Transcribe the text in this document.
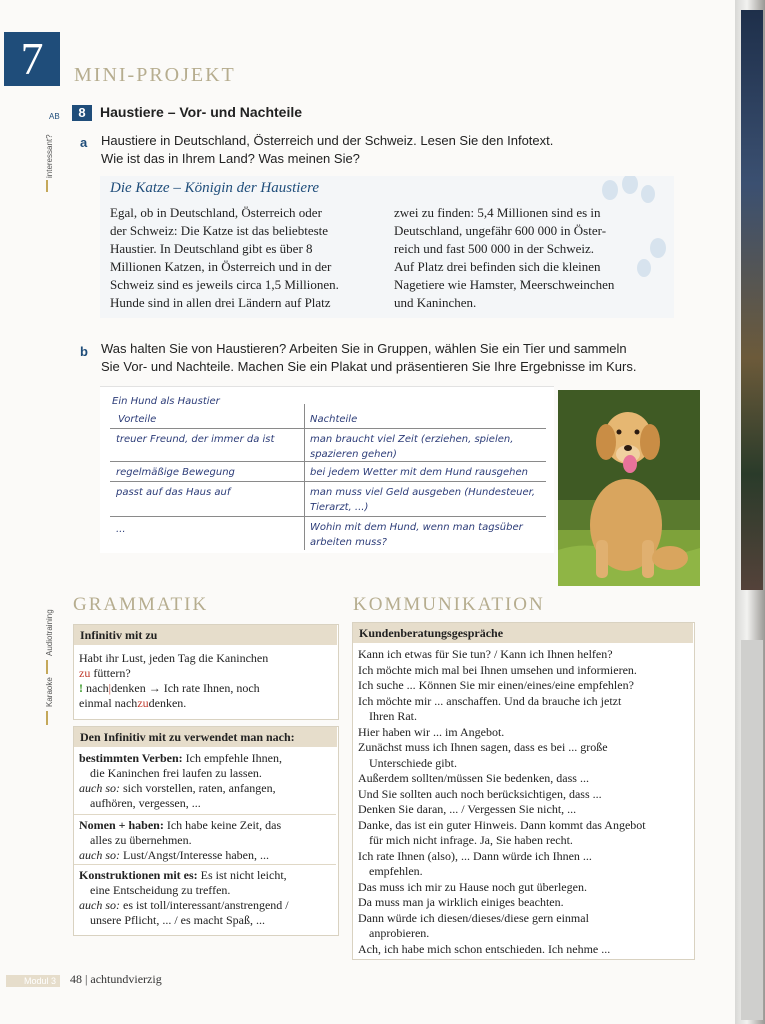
7	MINI-PROJEKT
interessant?
Audiotraining
Karaoke
AB	8	Haustiere – Vor- und Nachteile
a Haustiere in Deutschland, Österreich und der Schweiz. Lesen Sie den Infotext.
Wie ist das in Ihrem Land? Was meinen Sie?
Die Katze – Königin der Haustiere
Egal, ob in Deutschland, Österreich oder
der Schweiz: Die Katze ist das beliebteste
Haustier. In Deutschland gibt es über 8
Millionen Katzen, in Österreich und in der
Schweiz sind es jeweils circa 1,5 Millionen.
Hunde sind in allen drei Ländern auf Platz
zwei zu finden: 5,4 Millionen sind es in
Deutschland, ungefähr 600 000 in Öster-
reich und fast 500 000 in der Schweiz.
Auf Platz drei befinden sich die kleinen
Nagetiere wie Hamster, Meerschweinchen
und Kaninchen.
b Was halten Sie von Haustieren? Arbeiten Sie in Gruppen, wählen Sie ein Tier und sammeln
Sie Vor- und Nachteile. Machen Sie ein Plakat und präsentieren Sie Ihre Ergebnisse im Kurs.
Ein Hund als Haustier
Vorteile	Nachteile
treuer Freund, der immer da ist	man braucht viel Zeit (erziehen, spielen,
spazieren gehen)
regelmäßige Bewegung	bei jedem Wetter mit dem Hund rausgehen
passt auf das Haus auf	man muss viel Geld ausgeben (Hundesteuer,
Tierarzt, ...)
...	Wohin mit dem Hund, wenn man tagsüber
arbeiten muss?
GRAMMATIK
Infinitiv mit zu
Habt ihr Lust, jeden Tag die Kaninchen
zu füttern?
! nach|denken → Ich rate Ihnen, noch
einmal nachzudenken.
Den Infinitiv mit zu verwendet man nach:
bestimmten Verben: Ich empfehle Ihnen,
die Kaninchen frei laufen zu lassen.
auch so: sich vorstellen, raten, anfangen,
aufhören, vergessen, ...
Nomen + haben: Ich habe keine Zeit, das
alles zu übernehmen.
auch so: Lust/Angst/Interesse haben, ...
Konstruktionen mit es: Es ist nicht leicht,
eine Entscheidung zu treffen.
auch so: es ist toll/interessant/anstrengend /
unsere Pflicht, ... / es macht Spaß, ...
KOMMUNIKATION
Kundenberatungsgespräche
Kann ich etwas für Sie tun? / Kann ich Ihnen helfen?
Ich möchte mich mal bei Ihnen umsehen und informieren.
Ich suche ... Können Sie mir einen/eines/eine empfehlen?
Ich möchte mir ... anschaffen. Und da brauche ich jetzt
Ihren Rat.
Hier haben wir ... im Angebot.
Zunächst muss ich Ihnen sagen, dass es bei ... große
Unterschiede gibt.
Außerdem sollten/müssen Sie bedenken, dass ...
Und Sie sollten auch noch berücksichtigen, dass ...
Denken Sie daran, ... / Vergessen Sie nicht, ...
Danke, das ist ein guter Hinweis. Dann kommt das Angebot
für mich nicht infrage. Ja, Sie haben recht.
Ich rate Ihnen (also), ... Dann würde ich Ihnen ...
empfehlen.
Das muss ich mir zu Hause noch gut überlegen.
Da muss man ja wirklich einiges beachten.
Dann würde ich diesen/dieses/diese gern einmal
anprobieren.
Ach, ich habe mich schon entschieden. Ich nehme ...
Modul 3	48 | achtundvierzig
